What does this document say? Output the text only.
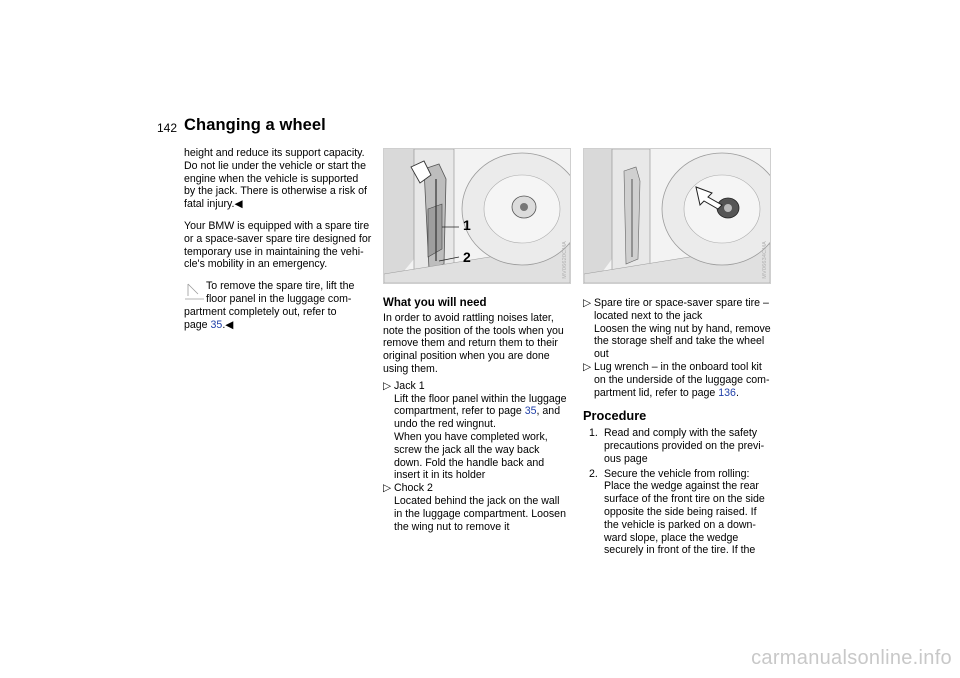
142 Changing a wheel

height and reduce its support capacity.
Do not lie under the vehicle or start the
engine when the vehicle is supported
by the jack. There is otherwise a risk of
fatal injury.◀

Your BMW is equipped with a spare tire
or a space-saver spare tire designed for
temporary use in maintaining the vehi-
cle's mobility in an emergency.

To remove the spare tire, lift the
floor panel in the luggage com-
partment completely out, refer to
page 35.◀
1
2	MV06620CMA	MV06634CMA
What you will need

In order to avoid rattling noises later,
note the position of the tools when you
remove them and return them to their
original position when you are done
using them.

▷ Jack 1
Lift the floor panel within the luggage
compartment, refer to page 35, and
undo the red wingnut.
When you have completed work,
screw the jack all the way back
down. Fold the handle back and
insert it in its holder
▷ Chock 2
Located behind the jack on the wall
in the luggage compartment. Loosen
the wing nut to remove it
▷ Spare tire or space-saver spare tire –
located next to the jack
Loosen the wing nut by hand, remove
the storage shelf and take the wheel
out
▷ Lug wrench – in the onboard tool kit
on the underside of the luggage com-
partment lid, refer to page 136.
Procedure
1. Read and comply with the safety
precautions provided on the previ-
ous page
2. Secure the vehicle from rolling:
Place the wedge against the rear
surface of the front tire on the side
opposite the side being raised. If
the vehicle is parked on a down-
ward slope, place the wedge
securely in front of the tire. If the
carmanualsonline.info
